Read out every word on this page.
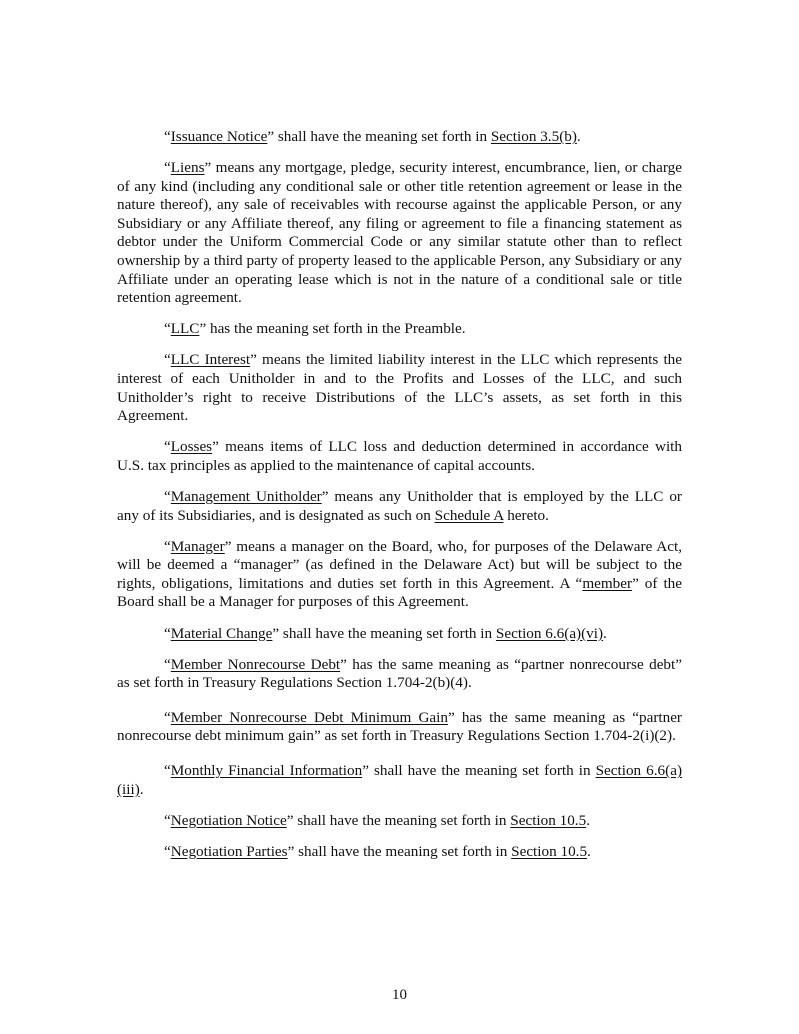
“Issuance Notice” shall have the meaning set forth in Section 3.5(b).

“Liens” means any mortgage, pledge, security interest, encumbrance, lien, or charge of any kind (including any conditional sale or other title retention agreement or lease in the nature thereof), any sale of receivables with recourse against the applicable Person, or any Subsidiary or any Affiliate thereof, any filing or agreement to file a financing statement as debtor under the Uniform Commercial Code or any similar statute other than to reflect ownership by a third party of property leased to the applicable Person, any Subsidiary or any Affiliate under an operating lease which is not in the nature of a conditional sale or title retention agreement.

“LLC” has the meaning set forth in the Preamble.

“LLC Interest” means the limited liability interest in the LLC which represents the interest of each Unitholder in and to the Profits and Losses of the LLC, and such Unitholder’s right to receive Distributions of the LLC’s assets, as set forth in this Agreement.

“Losses” means items of LLC loss and deduction determined in accordance with U.S. tax principles as applied to the maintenance of capital accounts.

“Management Unitholder” means any Unitholder that is employed by the LLC or any of its Subsidiaries, and is designated as such on Schedule A hereto.

“Manager” means a manager on the Board, who, for purposes of the Delaware Act, will be deemed a “manager” (as defined in the Delaware Act) but will be subject to the rights, obligations, limitations and duties set forth in this Agreement. A “member” of the Board shall be a Manager for purposes of this Agreement.

“Material Change” shall have the meaning set forth in Section 6.6(a)(vi).

“Member Nonrecourse Debt” has the same meaning as “partner nonrecourse debt” as set forth in Treasury Regulations Section 1.704-2(b)(4).

“Member Nonrecourse Debt Minimum Gain” has the same meaning as “partner nonrecourse debt minimum gain” as set forth in Treasury Regulations Section 1.704-2(i)(2).

“Monthly Financial Information” shall have the meaning set forth in Section 6.6(a)(iii).

“Negotiation Notice” shall have the meaning set forth in Section 10.5.

“Negotiation Parties” shall have the meaning set forth in Section 10.5.

10
